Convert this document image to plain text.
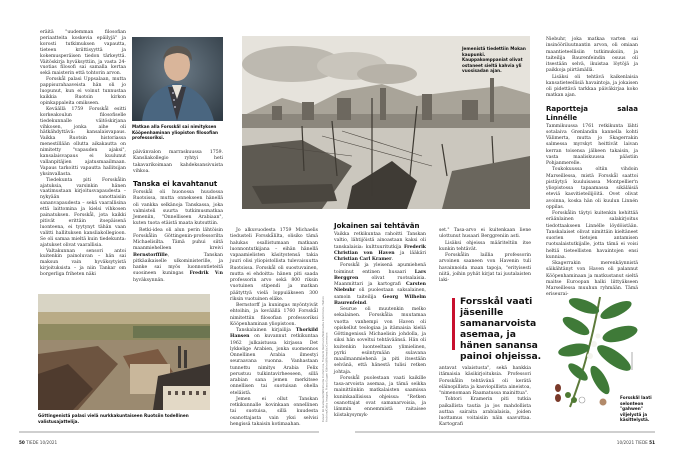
eräitä "uudemman filosofian periaatteita koskevia epäilyjä" ja korosti tutkimuksen vapautta, tieteen kriittisyyttä ja kokemusperäisen tiedon tärkeyttä. Väitöskirja hyväksyttiin, ja vasta 24-vuotias filosofi sai samalla kertaa sekä maisterin että tohtorin arvon.

Forsskål palasi Uppsalaan, mutta pappisurahaaveista hän oli jo luopunut, kun ei voinut tunnustaa kaikkia Ruotsin kirkon opinkappaleita omikseen.

Keväällä 1759 Forsskål esitti korkeakoulun filosofiselle tiedekunnalle väitöskirjana vihkosen, jonka aihe oli hätkähdyttävä: kansalaisvapaus. Vaikka Ruotsin historiassa menestillään ollutta aikakautta on nimitetty "vapauden ajaksi", kansalaisvapaus ei kuulunut vallanpitäjien ajatusmaailmaan. Vapaus tarkoitti vapautta hallitsijan yksinvallasta.

Tiedekunta piti Forsskålin ajatuksia, varsinkin hänen vaatimustaan kirjoitusvapaudesta – nykyään sanottaisiin sananvapaudesta – sekä vaarallisina että laittomina ja kielsi vihkosen painatuksen. Forsskål, jota kaikki pitivät erittäin itsepäisenä luonteena, ei tyytynyt tähän vaan valitti hallituksen kansliakollegioon. Se oli samaa mieltä kuin tiedekunta: ajatukset olivat vaarallisia.

Valtakunnan sensori antoi kuitenkin painoluvan – hän sai maksun vain hyväksytyistä kirjoituksista – ja niin Tankar om borgerliga friheten näki

Matkan alla Forsskål sai nimityksen Kööpenhaminan yliopiston filosofian professoriksi.

päivänvalon marraskuussa 1759. Kansliakollegio ryhtyi heti takavarikoimaan kahdeksansivuista vihkoa.

Tanska ei kavahtanut

Forsskål oli huonossa huudossa Ruotsissa, mutta onnekseen hänellä oli vankka selkänoja Tanskassa, joka valmisteli suurta tutkimusmatkaa Jemeniin, "Onnelliseen Arabiaan", kuten tuota etäistä maata kutsuttiin.

Retki-idea oli alun perin lähtöisin Forsskålin Göttingenin-professorilta Michaelisilta. Tämä puhui siitä maanmiehelleen kreivi Bernstorffille, Tanskan pitkäaikaiselle ulkoministerille, ja hanke sai myös luonnontieteitä suosineen kuningas Fredrik V:n hyväksynnän.

Jo alkuvuodesta 1759 Michaelis tiedusteli Forsskålilta, olisiko tämä halukas osallistumaan matkaan luonnontutkijana – eihän hänellä vapaamielisten käsitystensä takia juuri olisi yliopistollista tulevaisuutta Ruotsissa. Forsskål oli suostuvainen, mutta ei ehdoitta: hänen piti saada professorin arvo sekä 800 riksin vuotuinen stipendi ja matkan päätyttyä vielä loppuiäkseen 300 riksin vuotuinen eläke.

Bernstorff ja kuningas myöntyivät ehtoihin, ja keväällä 1760 Forsskål nimitettiin filosofian professoriksi Kööpenhaminan yliopistoon.

Tanskalainen kirjailija Thorkild Hansen on kuvannut retkikuntaa 1962 julkaistussa kirjassa Det lykkelige Arabien, jonka suomennos Onnellinen Arabia ilmestyi seuraavana vuonna. Vanhastaan tunnettu nimitys Arabia Felix perustuu tulkintavirheeseen, sillä arabian sana jemen merkitsee onnellisen tai suotuisan ohella eteläistä.

Jemen ei ollut Tanskan retkikunnalle kovinkaan onnellinen tai suotuisa, sillä kuudesta osanottajasta vain yksi selvisi hengissä takaisin kotimaahan.

Göttingenistä palasi vielä nurkkakuntaiseen Ruotsiin todellinen valistusajattelija.
50 TIEDE 10/2021
Jemenistä tiedettiin Mokan kaupunki. Kauppakomppaniat olivat ostaneet sieltä kahvia yli vuosisadan ajan.
Kuvat: Ro Gallaudet/Wikimedia Commons, Frederik Reimann/Wikimedia Commons, Hulton Archive/Getty Images, Franz Eugen Köhler/Wikimedia Commons
Jokainen sai tehtävän

Vaikka retkikuntaa rahoitti Tanskan valtio, lähtijöistä ainoastaan kaksi oli tanskalaisia: kulttuuritutkija Frederik Christian von Haven ja lääkäri Christian Carl Kramer.

Forsskål ja yleisenä apumiehenä toiminut entinen husaari Lars Berggren olivat ruotsalaisia. Maanmittari ja kartografi Carsten Niebuhr oli puolestaan saksalainen, samoin taiteilija Georg Wilhelm Baurenfeind.

Seurue oli muutenkin melko sekalainen. Forsskålia muutamaa vuotta vanhempi von Haven oli opiskellut teologiaa ja itämaisia kieliä Göttingenissä Michaelisin johdolla, ja siksi hän soveltui tehtäväänsä. Hän oli kuitenkin luonteeltaan ylimielinen, pyrki esiintymään sulavana maailmanmiehenä ja piti itsestään selvänä, että hänestä tulisi retken johtaja.

Forsskål puolestaan vaati kaikille tasa-arvoista asemaa, ja tämä seikka mainittiinkin matkalaisten saamissa kuninkaallisissa ohjeissa: "Retken osanottajat ovat samanarvoisia, ja lämmin ennemmistä raitaisee kiistakysymyk-

set." Tasa-arvo ei kuitenkaan liene ulottunut husaari Berggreniin asti.

Lisäksi ohjeissa määriteltiin itse kunkin tehtävät.

Forsskålin laillia professorin arvoinen saaneen von Havenin tuli havainnoida maan tapoja, "erityisesti niitä, joihin pyhät kirjat tai juutalaisten laki-

Forsskål vaati jäsenille samanarvoista asemaa, ja hänen sanansa painoi ohjeissa.

antavat valaistusta", sekä hankkia itämaisia käsikirjoituksia. Professori Forsskålin tehtävänä oli kerätä eläinopillista ja kasviopillista aineistoa, "nimenomaan Raamatussa mainittua".

Tohtori Kramerin piti tutkia paikallista tautia ja jos mahdollista auttaa sairaita arabialaisia, joiden luottamus voitaisiin näin saavuttaa. Kartografi

Niebuhr, joka matkaa varten sai insinööriluutnantin arvon, oli omiaan maantieteellisiin tutkimuksiin, ja taiteilija Baurenfeindin osuus oli itsestään selvä, ikuistaa löytöjä ja paikkoja piirtämällä.

Lisäksi oli tehtävä kaikenlaisia kansatieteellisiä havaintoja, ja jokaisen oli pidettävä tarkkaa päiväkirjaa koko matkan ajan.

Raportteja salaa Linnélle

Tammikuussa 1761 retkikunta lähti sotalaiva Grønlandin kannella kohti Välimerta, mutta jo Skagerrakin salmessa myrskyt heittivät laivan kerran toisensa jälkeen takaisin, ja vasta maaliskuussa päästiin Pohjanmerelle.

Toukokuussa oltiin vihdoin Marseillessa, mistä Forsskål saattoi pistäytyä kuuluisassa Montpellier'n yliopistossa tapaamassa sikäläisiä eteviä kasvitieteilijöitä. Ovet olivat avoinna, koska hän oli kuulun Linnén oppilas.

Forsskålin täytyi kuitenkin kehittää eräänlainen salakirjoitus tiedottaakseen Linnélle löydöistään. Tanskalaiset olivat nimittäin kieltäneet suorien tietojen antamisen ruotsalaistutkijalle, jotta tämä ei voisi heltiä tieteellisten havaintojen ensi kunniaa.

Skagerrakin merenkäynnistä säikähtänyt von Haven oli palannut Kööpenhaminaan ja matkustanut sieltä maitse Euroopan halki liittyäkseen Marseillessa muuhun ryhmään. Tämä eriseurai-

Forsskål laati selonteon "gahwen" viljelystä ja käsittelystä.
10/2021 TIEDE 51
